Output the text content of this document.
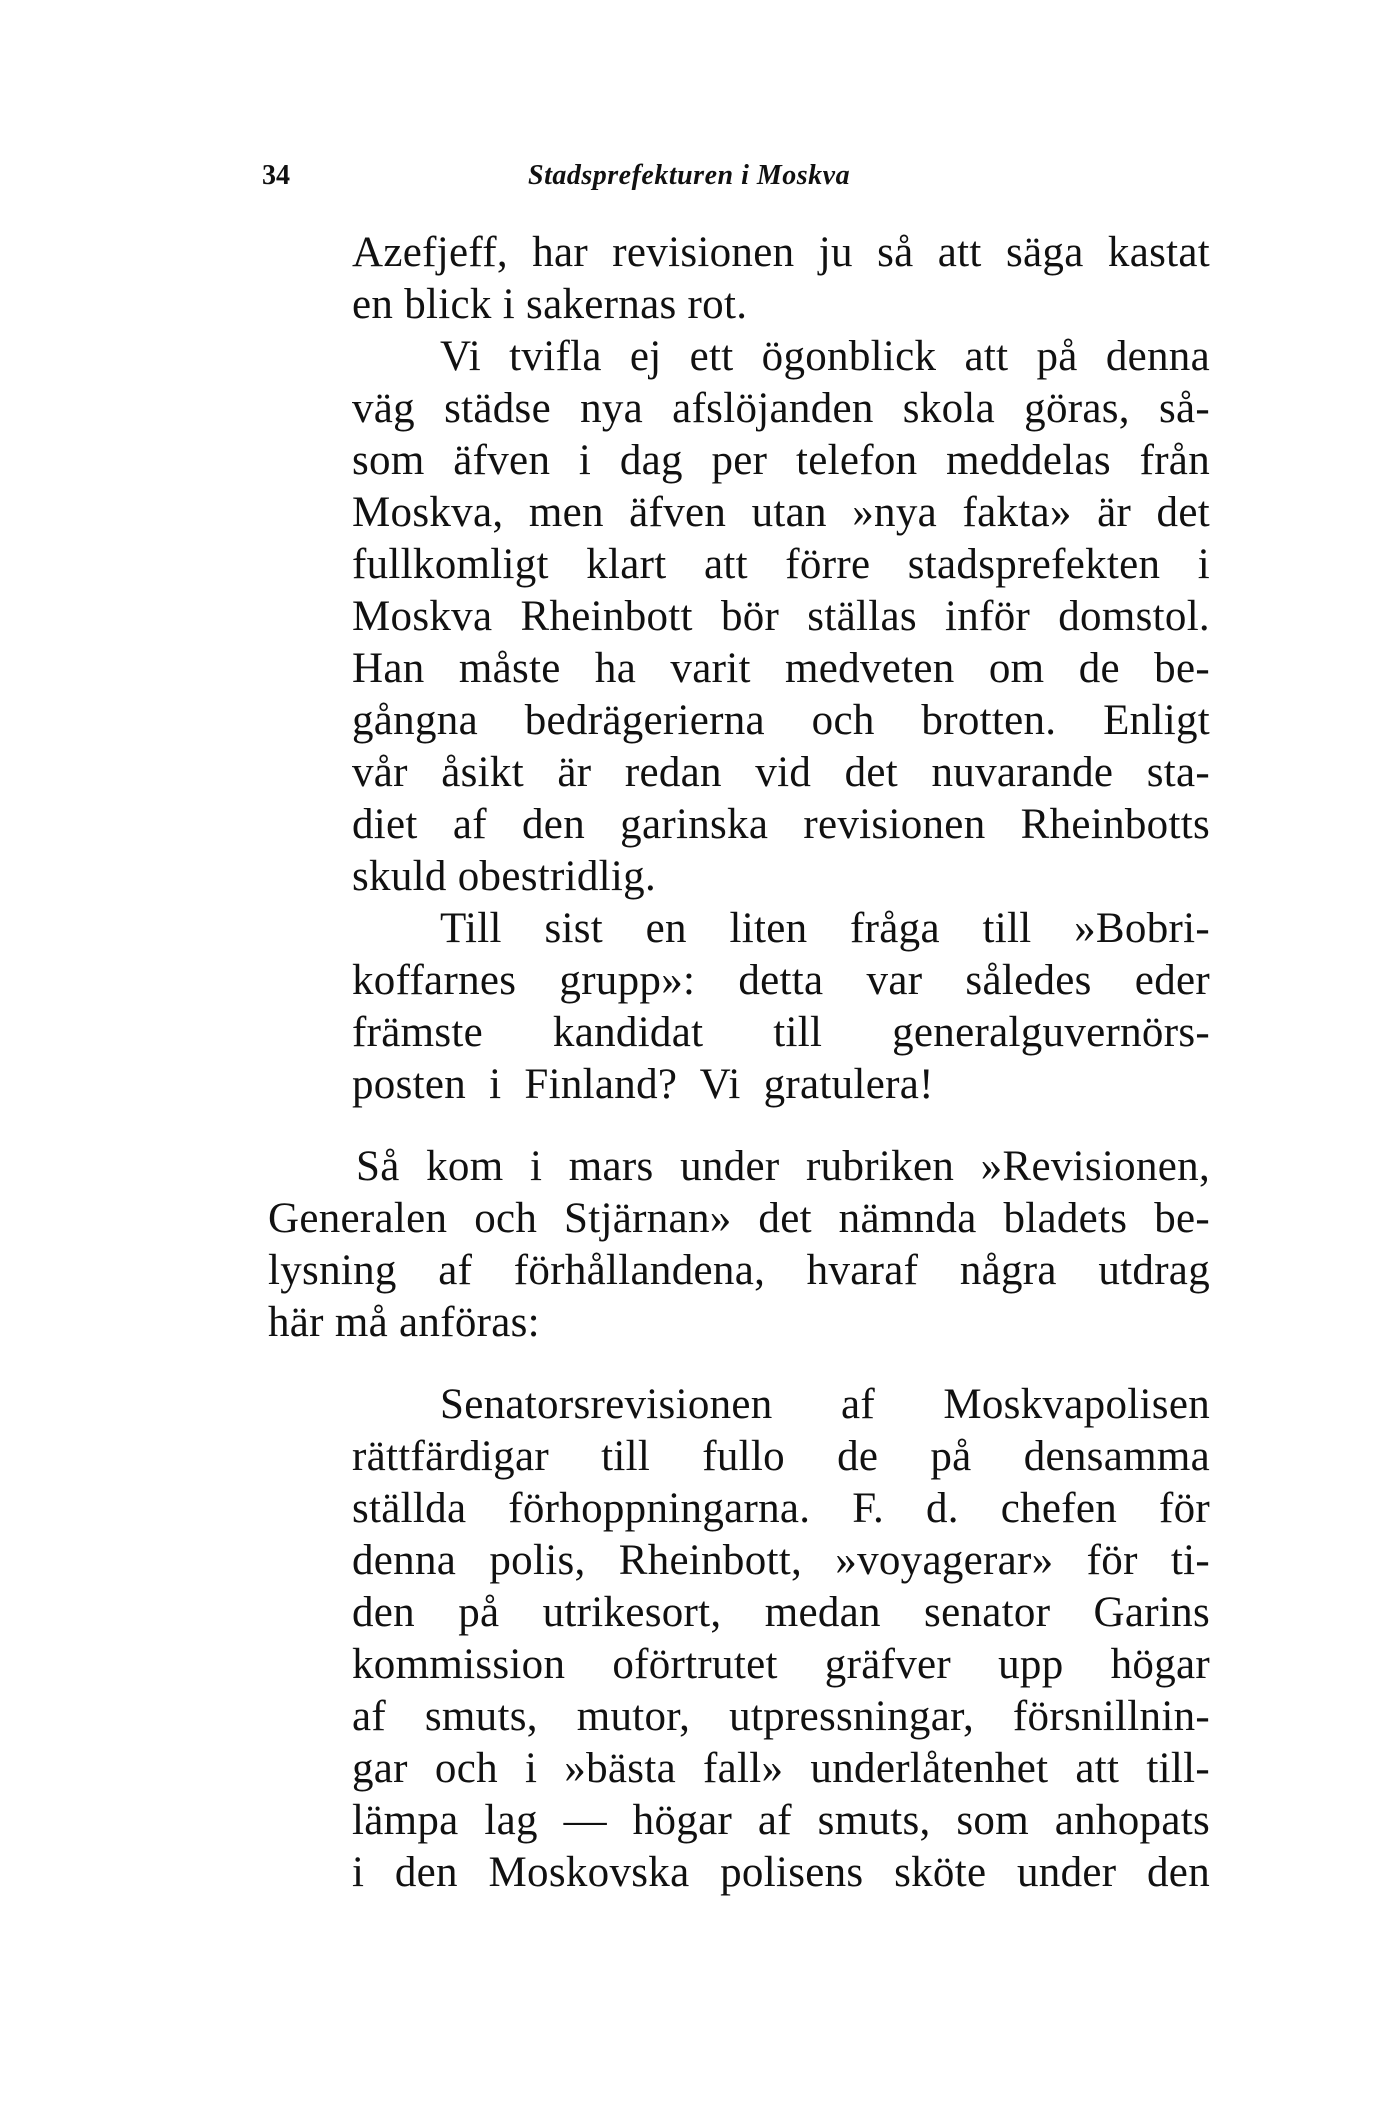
34	Stadsprefekturen i Moskva
Azefjeff, har revisionen ju så att säga kastat
en blick i sakernas rot.
Vi tvifla ej ett ögonblick att på denna
väg städse nya afslöjanden skola göras, så-
som äfven i dag per telefon meddelas från
Moskva, men äfven utan »nya fakta» är det
fullkomligt klart att förre stadsprefekten i
Moskva Rheinbott bör ställas inför domstol.
Han måste ha varit medveten om de be-
gångna bedrägerierna och brotten. Enligt
vår åsikt är redan vid det nuvarande sta-
diet af den garinska revisionen Rheinbotts
skuld obestridlig.
Till sist en liten fråga till »Bobri-
koffarnes grupp»: detta var således eder
främste kandidat till generalguvernörs-
posten i Finland? Vi gratulera!
Så kom i mars under rubriken »Revisionen,
Generalen och Stjärnan» det nämnda bladets be-
lysning af förhållandena, hvaraf några utdrag
här må anföras:
Senatorsrevisionen af Moskvapolisen
rättfärdigar till fullo de på densamma
ställda förhoppningarna. F. d. chefen för
denna polis, Rheinbott, »voyagerar» för ti-
den på utrikesort, medan senator Garins
kommission oförtrutet gräfver upp högar
af smuts, mutor, utpressningar, försnillnin-
gar och i »bästa fall» underlåtenhet att till-
lämpa lag — högar af smuts, som anhopats
i den Moskovska polisens sköte under den
